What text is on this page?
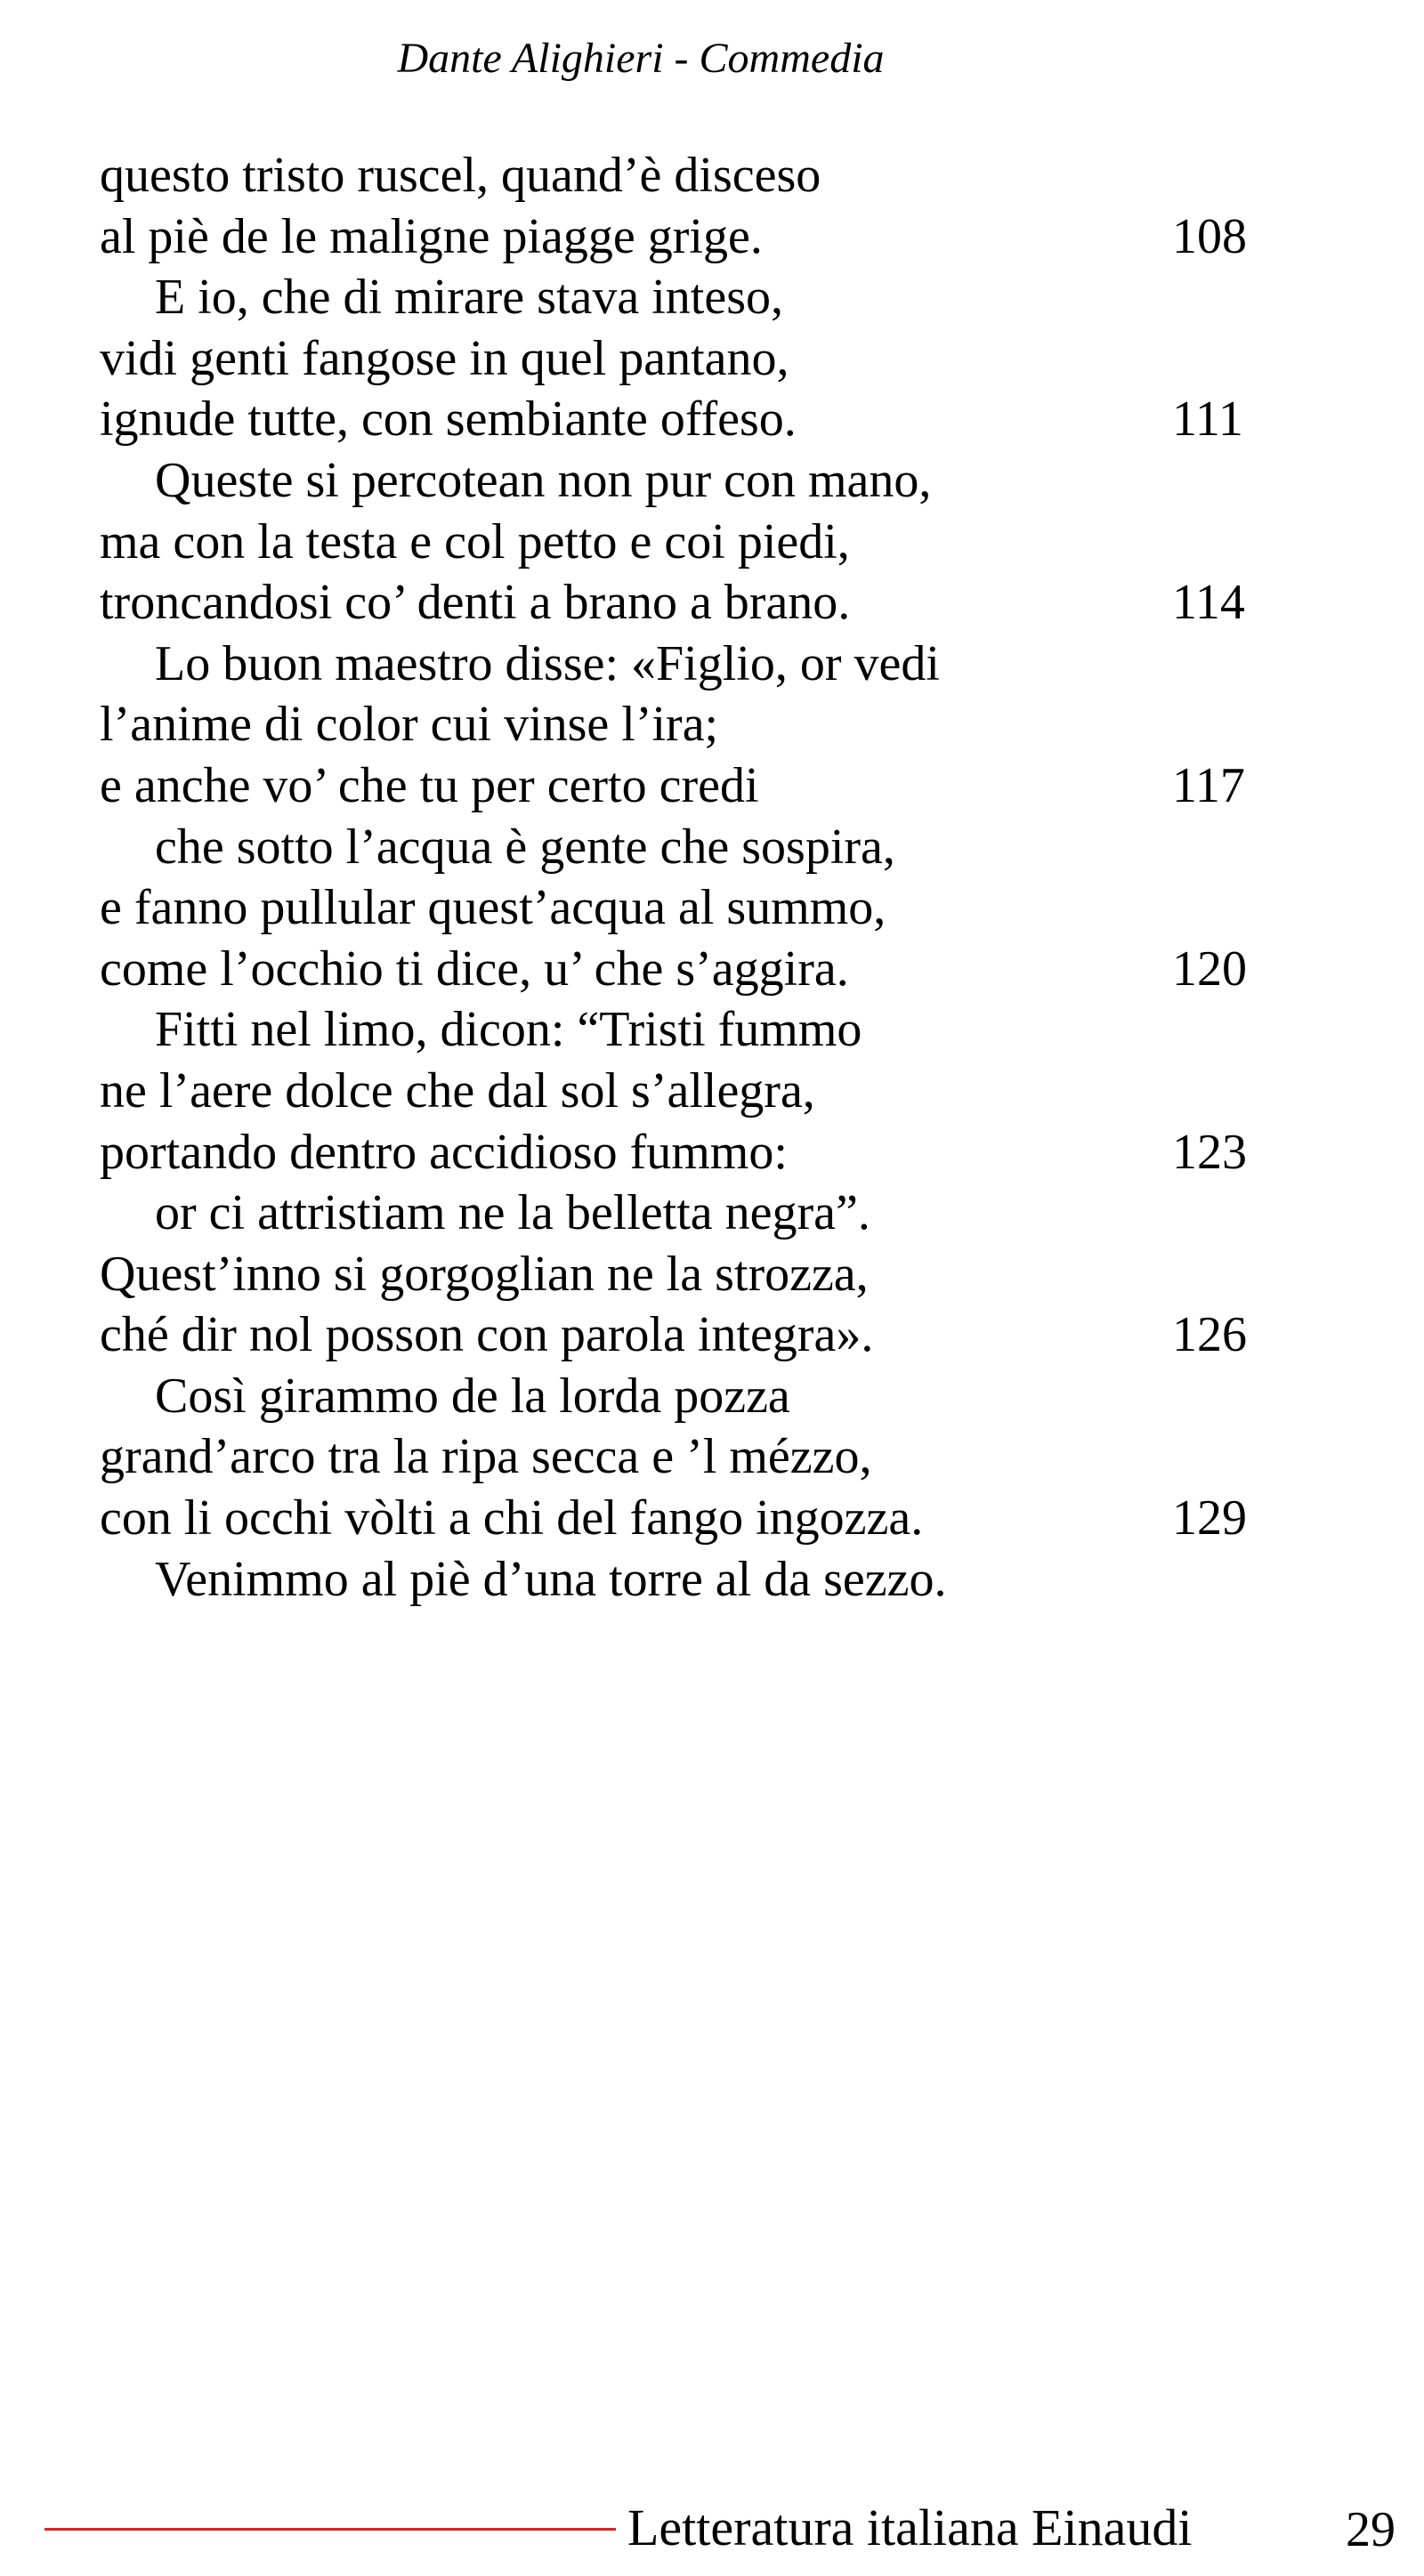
Dante Alighieri - Commedia
questo tristo ruscel, quand’è disceso
al piè de le maligne piagge grige.	108
E io, che di mirare stava inteso,
vidi genti fangose in quel pantano,
ignude tutte, con sembiante offeso.	111
Queste si percotean non pur con mano,
ma con la testa e col petto e coi piedi,
troncandosi co’ denti a brano a brano.	114
Lo buon maestro disse: «Figlio, or vedi
l’anime di color cui vinse l’ira;
e anche vo’ che tu per certo credi	117
che sotto l’acqua è gente che sospira,
e fanno pullular quest’acqua al summo,
come l’occhio ti dice, u’ che s’aggira.	120
Fitti nel limo, dicon: “Tristi fummo
ne l’aere dolce che dal sol s’allegra,
portando dentro accidioso fummo:	123
or ci attristiam ne la belletta negra”.
Quest’inno si gorgoglian ne la strozza,
ché dir nol posson con parola integra».	126
Così girammo de la lorda pozza
grand’arco tra la ripa secca e ’l mézzo,
con li occhi vòlti a chi del fango ingozza.	129
Venimmo al piè d’una torre al da sezzo.
Letteratura italiana Einaudi	29
